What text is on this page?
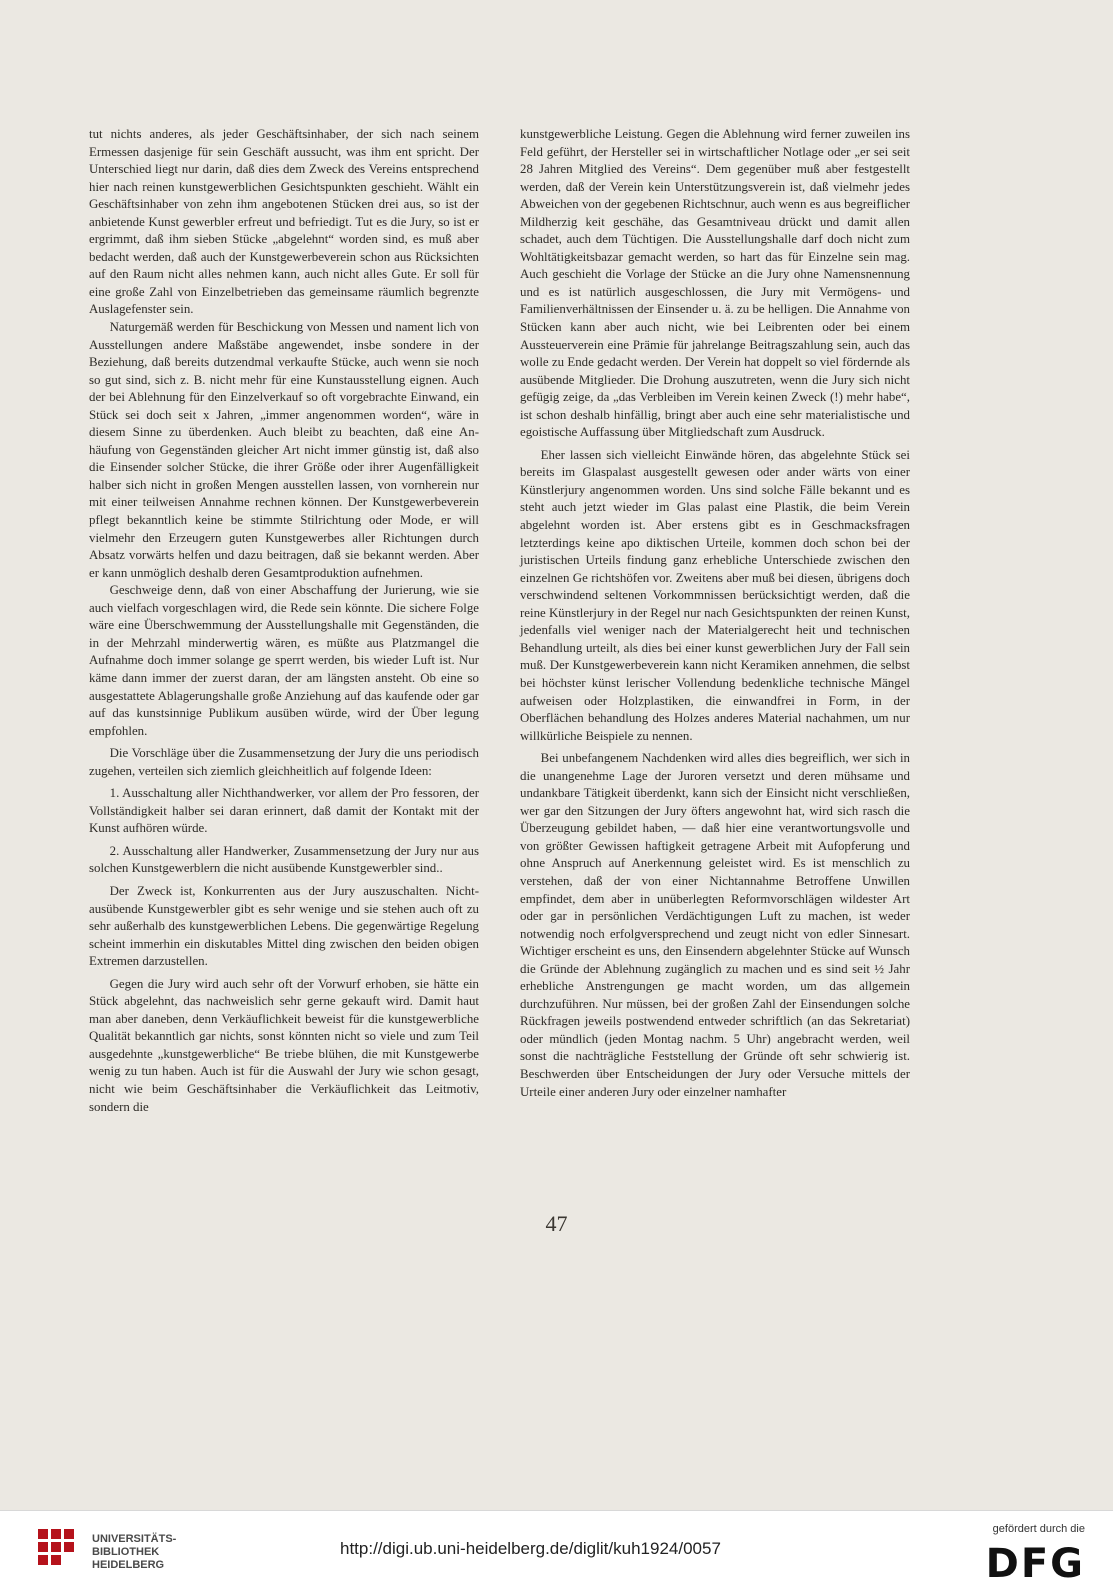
tut nichts anderes, als jeder Geschäftsinhaber, der sich nach seinem Ermessen dasjenige für sein Geschäft aussucht, was ihm ent spricht. Der Unterschied liegt nur darin, daß dies dem Zweck des Vereins entsprechend hier nach reinen kunstgewerblichen Gesichtspunkten geschieht. Wählt ein Geschäftsinhaber von zehn ihm angebotenen Stücken drei aus, so ist der anbietende Kunst gewerbler erfreut und befriedigt. Tut es die Jury, so ist er ergrimmt, daß ihm sieben Stücke „abgelehnt“ worden sind, es muß aber bedacht werden, daß auch der Kunstgewerbeverein schon aus Rücksichten auf den Raum nicht alles nehmen kann, auch nicht alles Gute. Er soll für eine große Zahl von Einzelbetrieben das gemeinsame räumlich begrenzte Auslagefenster sein.

Naturgemäß werden für Beschickung von Messen und nament lich von Ausstellungen andere Maßstäbe angewendet, insbe sondere in der Beziehung, daß bereits dutzendmal verkaufte Stücke, auch wenn sie noch so gut sind, sich z. B. nicht mehr für eine Kunstausstellung eignen. Auch der bei Ablehnung für den Einzelverkauf so oft vorgebrachte Einwand, ein Stück sei doch seit x Jahren, „immer angenommen worden“, wäre in diesem Sinne zu überdenken. Auch bleibt zu beachten, daß eine An häufung von Gegenständen gleicher Art nicht immer günstig ist, daß also die Einsender solcher Stücke, die ihrer Größe oder ihrer Augenfälligkeit halber sich nicht in großen Mengen ausstellen lassen, von vornherein nur mit einer teilweisen Annahme rechnen können. Der Kunstgewerbeverein pflegt bekanntlich keine be stimmte Stilrichtung oder Mode, er will vielmehr den Erzeugern guten Kunstgewerbes aller Richtungen durch Absatz vorwärts helfen und dazu beitragen, daß sie bekannt werden. Aber er kann unmöglich deshalb deren Gesamtproduktion aufnehmen.

Geschweige denn, daß von einer Abschaffung der Jurierung, wie sie auch vielfach vorgeschlagen wird, die Rede sein könnte. Die sichere Folge wäre eine Überschwemmung der Ausstellungshalle mit Gegenständen, die in der Mehrzahl minderwertig wären, es müßte aus Platzmangel die Aufnahme doch immer solange ge sperrt werden, bis wieder Luft ist. Nur käme dann immer der zuerst daran, der am längsten ansteht. Ob eine so ausgestattete Ablagerungshalle große Anziehung auf das kaufende oder gar auf das kunstsinnige Publikum ausüben würde, wird der Über legung empfohlen.

Die Vorschläge über die Zusammensetzung der Jury die uns periodisch zugehen, verteilen sich ziemlich gleichheitlich auf folgende Ideen:

1. Ausschaltung aller Nichthandwerker, vor allem der Pro fessoren, der Vollständigkeit halber sei daran erinnert, daß damit der Kontakt mit der Kunst aufhören würde.

2. Ausschaltung aller Handwerker, Zusammensetzung der Jury nur aus solchen Kunstgewerblern die nicht ausübende Kunstgewerbler sind..

Der Zweck ist, Konkurrenten aus der Jury auszuschalten. Nicht ausübende Kunstgewerbler gibt es sehr wenige und sie stehen auch oft zu sehr außerhalb des kunstgewerblichen Lebens. Die gegenwärtige Regelung scheint immerhin ein diskutables Mittel ding zwischen den beiden obigen Extremen darzustellen.

Gegen die Jury wird auch sehr oft der Vorwurf erhoben, sie hätte ein Stück abgelehnt, das nachweislich sehr gerne gekauft wird. Damit haut man aber daneben, denn Verkäuflichkeit beweist für die kunstgewerbliche Qualität bekanntlich gar nichts, sonst könnten nicht so viele und zum Teil ausgedehnte „kunstgewerbliche“ Be triebe blühen, die mit Kunstgewerbe wenig zu tun haben. Auch ist für die Auswahl der Jury wie schon gesagt, nicht wie beim Geschäftsinhaber die Verkäuflichkeit das Leitmotiv, sondern die

kunstgewerbliche Leistung. Gegen die Ablehnung wird ferner zuweilen ins Feld geführt, der Hersteller sei in wirtschaftlicher Notlage oder „er sei seit 28 Jahren Mitglied des Vereins“. Dem gegenüber muß aber festgestellt werden, daß der Verein kein Unterstützungsverein ist, daß vielmehr jedes Abweichen von der gegebenen Richtschnur, auch wenn es aus begreiflicher Mildherzig keit geschähe, das Gesamtniveau drückt und damit allen schadet, auch dem Tüchtigen. Die Ausstellungshalle darf doch nicht zum Wohltätigkeitsbazar gemacht werden, so hart das für Einzelne sein mag. Auch geschieht die Vorlage der Stücke an die Jury ohne Namensnennung und es ist natürlich ausgeschlossen, die Jury mit Vermögens- und Familienverhältnissen der Einsender u. ä. zu be helligen. Die Annahme von Stücken kann aber auch nicht, wie bei Leibrenten oder bei einem Aussteuerverein eine Prämie für jahrelange Beitragszahlung sein, auch das wolle zu Ende gedacht werden. Der Verein hat doppelt so viel fördernde als ausübende Mitglieder. Die Drohung auszutreten, wenn die Jury sich nicht gefügig zeige, da „das Verbleiben im Verein keinen Zweck (!) mehr habe“, ist schon deshalb hinfällig, bringt aber auch eine sehr materialistische und egoistische Auffassung über Mitgliedschaft zum Ausdruck.

Eher lassen sich vielleicht Einwände hören, das abgelehnte Stück sei bereits im Glaspalast ausgestellt gewesen oder ander wärts von einer Künstlerjury angenommen worden. Uns sind solche Fälle bekannt und es steht auch jetzt wieder im Glas palast eine Plastik, die beim Verein abgelehnt worden ist. Aber erstens gibt es in Geschmacksfragen letzterdings keine apo diktischen Urteile, kommen doch schon bei der juristischen Urteils findung ganz erhebliche Unterschiede zwischen den einzelnen Ge richtshöfen vor. Zweitens aber muß bei diesen, übrigens doch verschwindend seltenen Vorkommnissen berücksichtigt werden, daß die reine Künstlerjury in der Regel nur nach Gesichtspunkten der reinen Kunst, jedenfalls viel weniger nach der Materialgerecht heit und technischen Behandlung urteilt, als dies bei einer kunst gewerblichen Jury der Fall sein muß. Der Kunstgewerbeverein kann nicht Keramiken annehmen, die selbst bei höchster künst lerischer Vollendung bedenkliche technische Mängel aufweisen oder Holzplastiken, die einwandfrei in Form, in der Oberflächen behandlung des Holzes anderes Material nachahmen, um nur willkürliche Beispiele zu nennen.

Bei unbefangenem Nachdenken wird alles dies begreiflich, wer sich in die unangenehme Lage der Juroren versetzt und deren mühsame und undankbare Tätigkeit überdenkt, kann sich der Einsicht nicht verschließen, wer gar den Sitzungen der Jury öfters angewohnt hat, wird sich rasch die Überzeugung gebildet haben, — daß hier eine verantwortungsvolle und von größter Gewissen haftigkeit getragene Arbeit mit Aufopferung und ohne Anspruch auf Anerkennung geleistet wird. Es ist menschlich zu verstehen, daß der von einer Nichtannahme Betroffene Unwillen empfindet, dem aber in unüberlegten Reformvorschlägen wildester Art oder gar in persönlichen Verdächtigungen Luft zu machen, ist weder notwendig noch erfolgversprechend und zeugt nicht von edler Sinnesart. Wichtiger erscheint es uns, den Einsendern abgelehnter Stücke auf Wunsch die Gründe der Ablehnung zugänglich zu machen und es sind seit ½ Jahr erhebliche Anstrengungen ge macht worden, um das allgemein durchzuführen. Nur müssen, bei der großen Zahl der Einsendungen solche Rückfragen jeweils postwendend entweder schriftlich (an das Sekretariat) oder mündlich (jeden Montag nachm. 5 Uhr) angebracht werden, weil sonst die nachträgliche Feststellung der Gründe oft sehr schwierig ist. Beschwerden über Entscheidungen der Jury oder Versuche mittels der Urteile einer anderen Jury oder einzelner namhafter

47
UNIVERSITÄTS-
BIBLIOTHEK
HEIDELBERG
http://digi.ub.uni-heidelberg.de/diglit/kuh1924/0057
gefördert durch die
DFG
